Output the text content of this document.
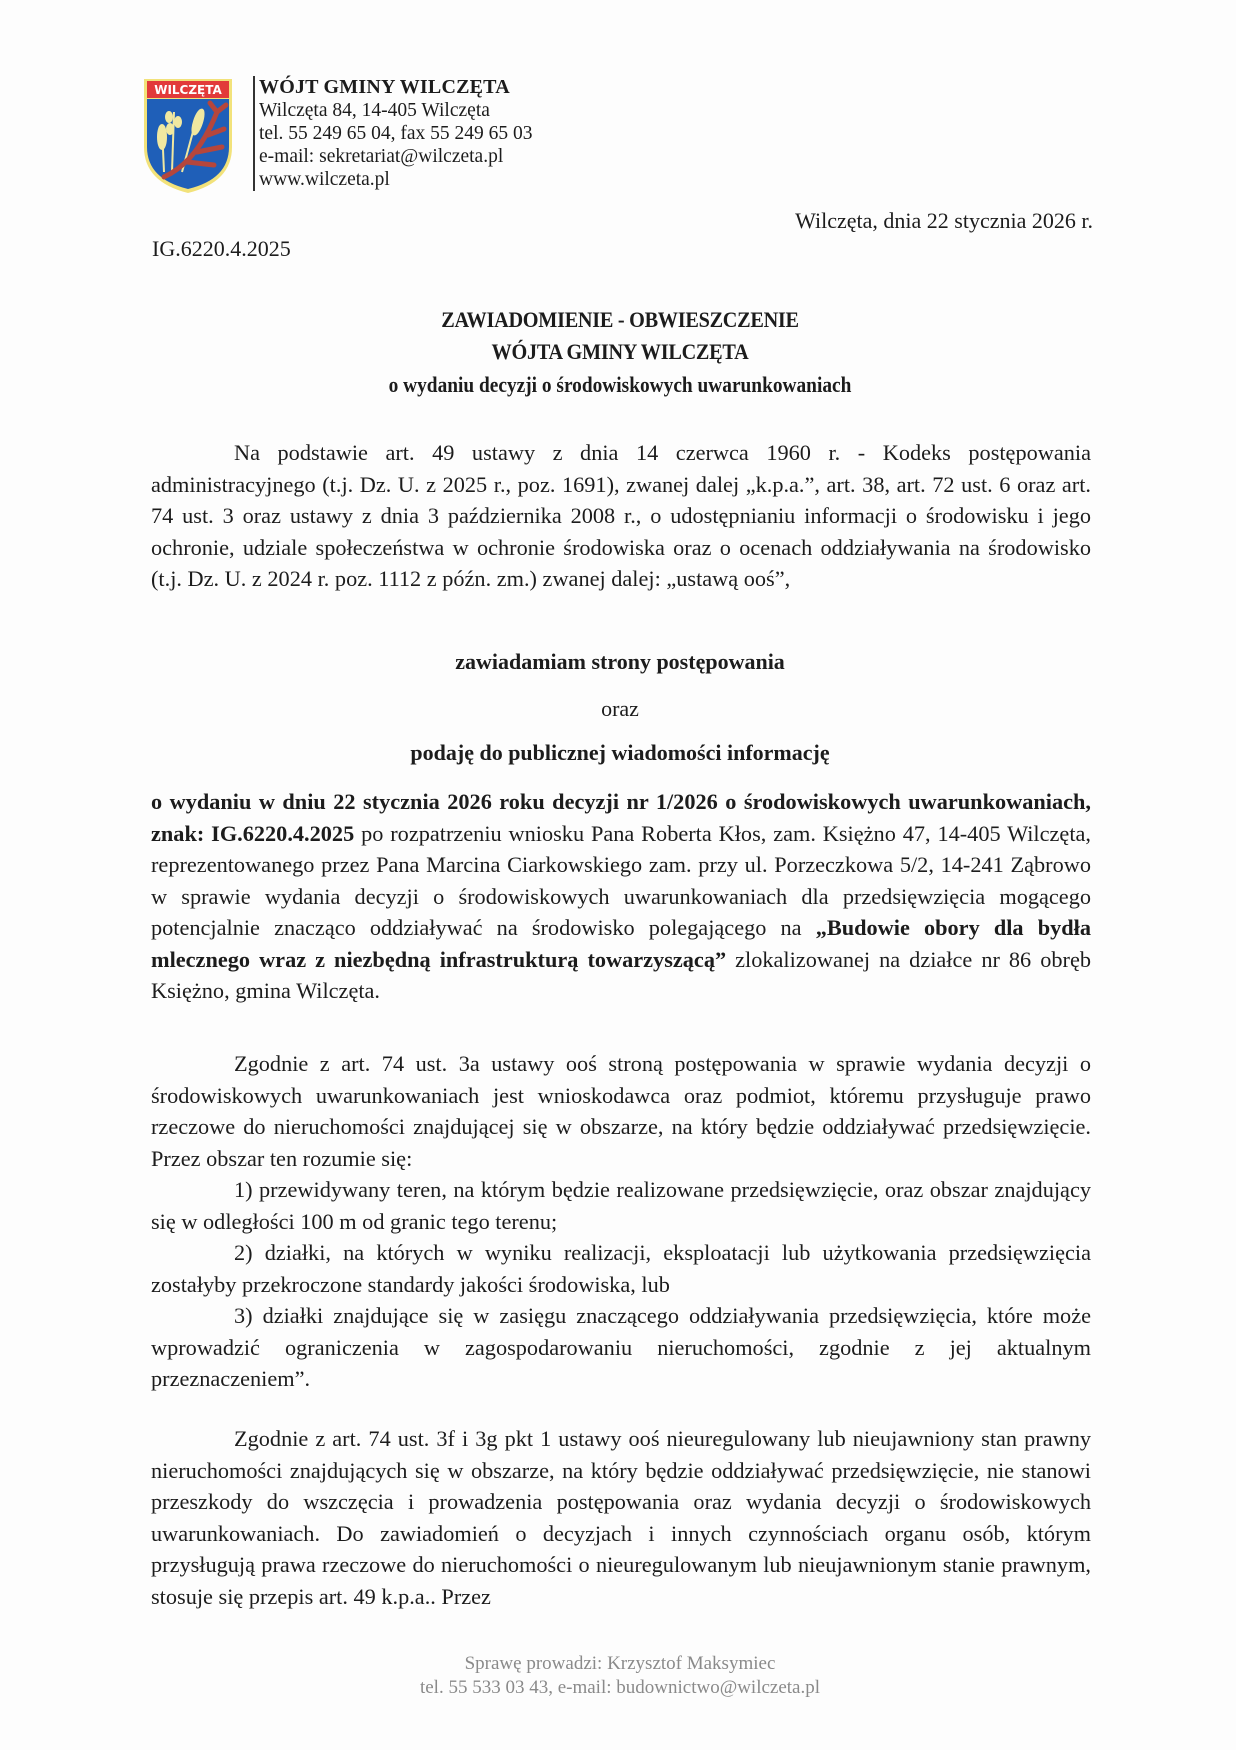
WILCZĘTA WÓJT GMINY WILCZĘTA
Wilczęta 84, 14-405 Wilczęta
tel. 55 249 65 04, fax 55 249 65 03
e-mail: sekretariat@wilczeta.pl
www.wilczeta.pl
Wilczęta, dnia 22 stycznia 2026 r.
IG.6220.4.2025
ZAWIADOMIENIE - OBWIESZCZENIE
WÓJTA GMINY WILCZĘTA
o wydaniu decyzji o środowiskowych uwarunkowaniach

Na podstawie art. 49 ustawy z dnia 14 czerwca 1960 r. - Kodeks postępowania administracyjnego (t.j. Dz. U. z 2025 r., poz. 1691), zwanej dalej „k.p.a.”, art. 38, art. 72 ust. 6 oraz art. 74 ust. 3 oraz ustawy z dnia 3 października 2008 r., o udostępnianiu informacji o środowisku i jego ochronie, udziale społeczeństwa w ochronie środowiska oraz o ocenach oddziaływania na środowisko (t.j. Dz. U. z 2024 r. poz. 1112 z późn. zm.) zwanej dalej: „ustawą ooś”,

zawiadamiam strony postępowania
oraz
podaję do publicznej wiadomości informację

o wydaniu w dniu 22 stycznia 2026 roku decyzji nr 1/2026 o środowiskowych uwarunkowaniach, znak: IG.6220.4.2025 po rozpatrzeniu wniosku Pana Roberta Kłos, zam. Księżno 47, 14-405 Wilczęta, reprezentowanego przez Pana Marcina Ciarkowskiego zam. przy ul. Porzeczkowa 5/2, 14-241 Ząbrowo w sprawie wydania decyzji o środowiskowych uwarunkowaniach dla przedsięwzięcia mogącego potencjalnie znacząco oddziaływać na środowisko polegającego na „Budowie obory dla bydła mlecznego wraz z niezbędną infrastrukturą towarzyszącą” zlokalizowanej na działce nr 86 obręb Księżno, gmina Wilczęta.

Zgodnie z art. 74 ust. 3a ustawy ooś stroną postępowania w sprawie wydania decyzji o środowiskowych uwarunkowaniach jest wnioskodawca oraz podmiot, któremu przysługuje prawo rzeczowe do nieruchomości znajdującej się w obszarze, na który będzie oddziaływać przedsięwzięcie. Przez obszar ten rozumie się:

1) przewidywany teren, na którym będzie realizowane przedsięwzięcie, oraz obszar znajdujący się w odległości 100 m od granic tego terenu;

2) działki, na których w wyniku realizacji, eksploatacji lub użytkowania przedsięwzięcia zostałyby przekroczone standardy jakości środowiska, lub

3) działki znajdujące się w zasięgu znaczącego oddziaływania przedsięwzięcia, które może wprowadzić ograniczenia w zagospodarowaniu nieruchomości, zgodnie z jej aktualnym przeznaczeniem”.

Zgodnie z art. 74 ust. 3f i 3g pkt 1 ustawy ooś nieuregulowany lub nieujawniony stan prawny nieruchomości znajdujących się w obszarze, na który będzie oddziaływać przedsięwzięcie, nie stanowi przeszkody do wszczęcia i prowadzenia postępowania oraz wydania decyzji o środowiskowych uwarunkowaniach. Do zawiadomień o decyzjach i innych czynnościach organu osób, którym przysługują prawa rzeczowe do nieruchomości o nieuregulowanym lub nieujawnionym stanie prawnym, stosuje się przepis art. 49 k.p.a.. Przez

Sprawę prowadzi: Krzysztof Maksymiec
tel. 55 533 03 43, e-mail: budownictwo@wilczeta.pl
